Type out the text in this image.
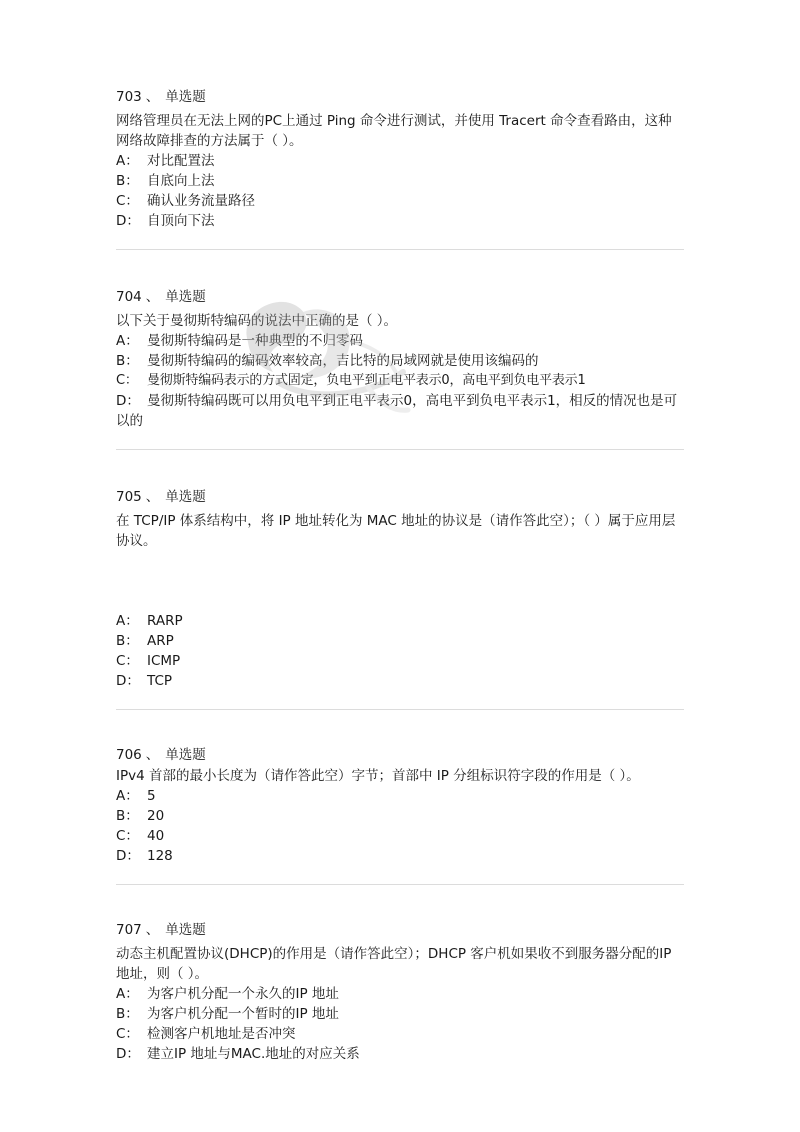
703 、 单选题
网络管理员在无法上网的PC上通过 Ping 命令进行测试，并使用 Tracert 命令查看路由，这种网络故障排查的方法属于（ ）。
A： 对比配置法
B： 自底向上法
C： 确认业务流量路径
D： 自顶向下法
704 、 单选题
以下关于曼彻斯特编码的说法中正确的是（ ）。
A： 曼彻斯特编码是一种典型的不归零码
B： 曼彻斯特编码的编码效率较高，吉比特的局域网就是使用该编码的
C： 曼彻斯特编码表示的方式固定，负电平到正电平表示0，高电平到负电平表示1
D： 曼彻斯特编码既可以用负电平到正电平表示0，高电平到负电平表示1，相反的情况也是可以的
705 、 单选题
在 TCP/IP 体系结构中，将 IP 地址转化为 MAC 地址的协议是（请作答此空）；（ ）属于应用层协议。
A： RARP
B： ARP
C： ICMP
D： TCP
706 、 单选题
IPv4 首部的最小长度为（请作答此空）字节；首部中 IP 分组标识符字段的作用是（ ）。
A： 5
B： 20
C： 40
D： 128
707 、 单选题
动态主机配置协议(DHCP)的作用是（请作答此空）；DHCP 客户机如果收不到服务器分配的IP 地址，则（ ）。
A： 为客户机分配一个永久的IP 地址
B： 为客户机分配一个暂时的IP 地址
C： 检测客户机地址是否冲突
D： 建立IP 地址与MAC.地址的对应关系
